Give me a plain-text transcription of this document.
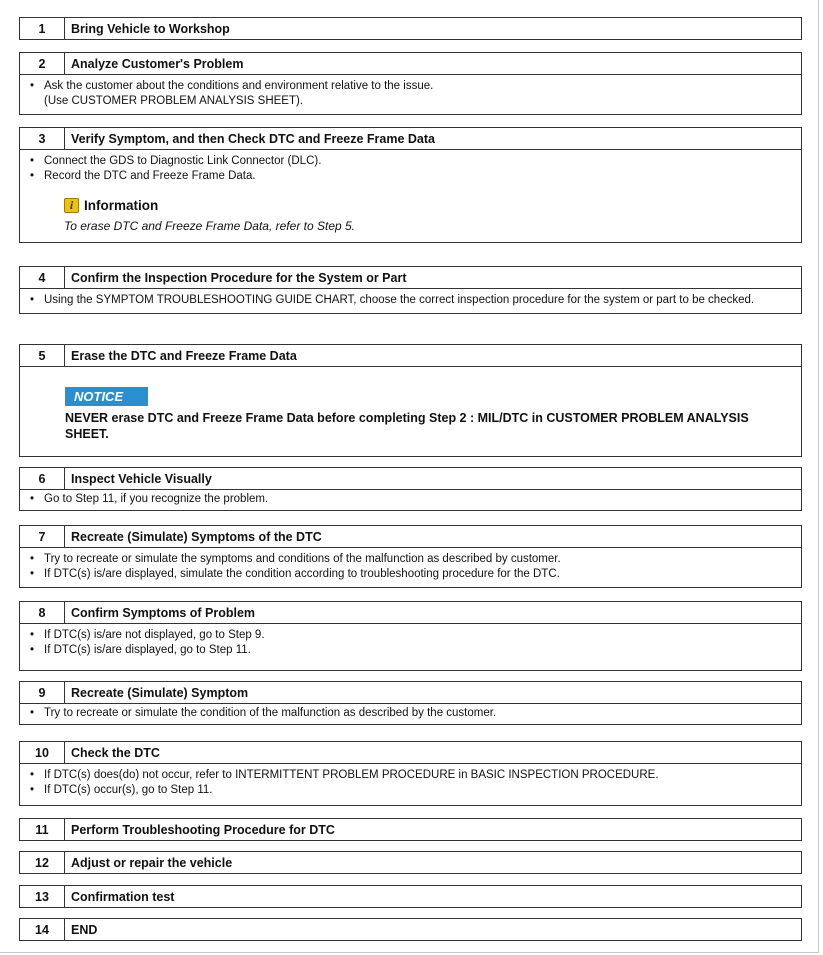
1	Bring Vehicle to Workshop
2	Analyze Customer's Problem
• Ask the customer about the conditions and environment relative to the issue.
(Use CUSTOMER PROBLEM ANALYSIS SHEET).
3	Verify Symptom, and then Check DTC and Freeze Frame Data
• Connect the GDS to Diagnostic Link Connector (DLC).
• Record the DTC and Freeze Frame Data.
i Information
To erase DTC and Freeze Frame Data, refer to Step 5.
4	Confirm the Inspection Procedure for the System or Part
• Using the SYMPTOM TROUBLESHOOTING GUIDE CHART, choose the correct inspection procedure for the system or part to be checked.
5	Erase the DTC and Freeze Frame Data
NOTICE
NEVER erase DTC and Freeze Frame Data before completing Step 2 : MIL/DTC in CUSTOMER PROBLEM ANALYSIS SHEET.
6	Inspect Vehicle Visually
• Go to Step 11, if you recognize the problem.
7	Recreate (Simulate) Symptoms of the DTC
• Try to recreate or simulate the symptoms and conditions of the malfunction as described by customer.
• If DTC(s) is/are displayed, simulate the condition according to troubleshooting procedure for the DTC.
8	Confirm Symptoms of Problem
• If DTC(s) is/are not displayed, go to Step 9.
• If DTC(s) is/are displayed, go to Step 11.
9	Recreate (Simulate) Symptom
• Try to recreate or simulate the condition of the malfunction as described by the customer.
10	Check the DTC
• If DTC(s) does(do) not occur, refer to INTERMITTENT PROBLEM PROCEDURE in BASIC INSPECTION PROCEDURE.
• If DTC(s) occur(s), go to Step 11.
11	Perform Troubleshooting Procedure for DTC
12	Adjust or repair the vehicle
13	Confirmation test
14	END
